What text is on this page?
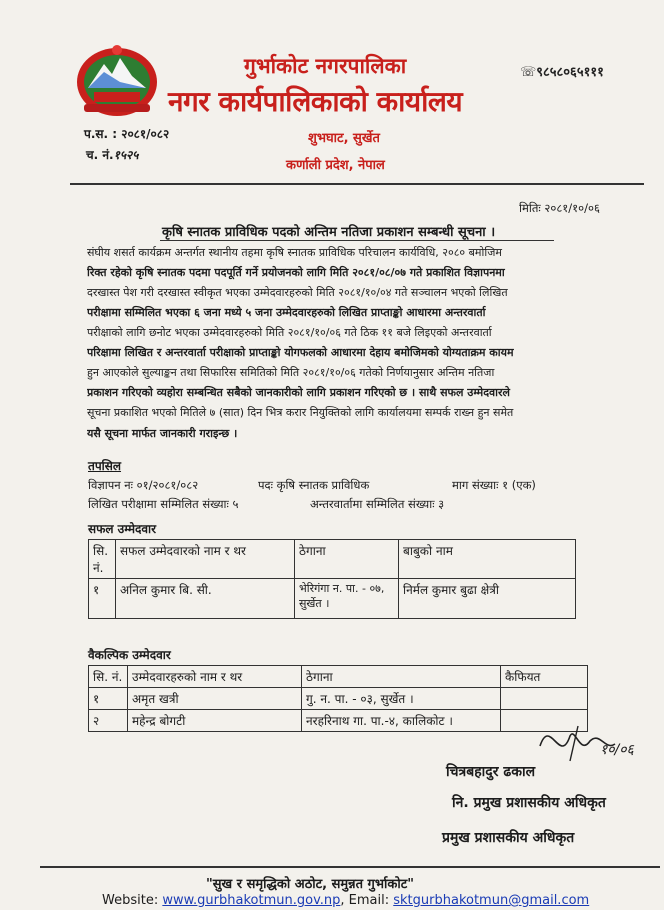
गुर्भाकोट नगरपालिका
नगर कार्यपालिकाको कार्यालय
शुभघाट, सुर्खेत
कर्णाली प्रदेश, नेपाल
☏९८५८०६५१११
प.स. : २०८१/०८२
च. नं.१५२५
मितिः २०८१/१०/०६
कृषि स्नातक प्राविधिक पदको अन्तिम नतिजा प्रकाशन सम्बन्धी सूचना ।
संघीय शसर्त कार्यक्रम अन्तर्गत स्थानीय तहमा कृषि स्नातक प्राविधिक परिचालन कार्यविधि, २०८० बमोजिम
रिक्त रहेको कृषि स्नातक पदमा पदपूर्ति गर्ने प्रयोजनको लागि मिति २०८१/०८/०७ गते प्रकाशित विज्ञापनमा
दरखास्त पेश गरी दरखास्त स्वीकृत भएका उम्मेदवारहरुको मिति २०८१/१०/०४ गते सञ्चालन भएको लिखित
परीक्षामा सम्मिलित भएका ६ जना मध्ये ५ जना उम्मेदवारहरुको लिखित प्राप्ताङ्को आधारमा अन्तरवार्ता
परीक्षाको लागि छनोट भएका उम्मेदवारहरुको मिति २०८१/१०/०६ गते ठिक ११ बजे लिइएको अन्तरवार्ता
परिक्षामा लिखित र अन्तरवार्ता परीक्षाको प्राप्ताङ्को योगफलको आधारमा देहाय बमोजिमको योग्यताक्रम कायम
हुन आएकोले सुल्याङ्कन तथा सिफारिस समितिको मिति २०८१/१०/०६ गतेको निर्णयानुसार अन्तिम नतिजा
प्रकाशन गरिएको व्यहोरा सम्बन्धित सबैको जानकारीको लागि प्रकाशन गरिएको छ । साथै सफल उम्मेदवारले
सूचना प्रकाशित भएको मितिले ७ (सात) दिन भित्र करार नियुक्तिको लागि कार्यालयमा सम्पर्क राख्न हुन समेत
यसै सूचना मार्फत जानकारी गराइन्छ ।
तपसिल
विज्ञापन नः ०१/२०८१/०८२	पदः कृषि स्नातक प्राविधिक	माग संख्याः १ (एक)
लिखित परीक्षामा सम्मिलित संख्याः ५	अन्तरवार्तामा सम्मिलित संख्याः ३
सफल उम्मेदवार
सि. नं.	सफल उम्मेदवारको नाम र थर	ठेगाना	बाबुको नाम
१	अनिल कुमार बि. सी.	भेरिगंगा न. पा. - ०७, सुर्खेत ।	निर्मल कुमार बुढा क्षेत्री
वैकल्पिक उम्मेदवार
सि. नं.	उम्मेदवारहरुको नाम र थर	ठेगाना	कैफियत
१	अमृत खत्री	गु. न. पा. - ०३, सुर्खेत ।	
२	महेन्द्र बोगटी	नरहरिनाथ गा. पा.-४, कालिकोट ।	
१०/०६
चित्रबहादुर ढकाल
नि. प्रमुख प्रशासकीय अधिकृत
प्रमुख प्रशासकीय अधिकृत
"सुख र समृद्धिको अठोट, समुन्नत गुर्भाकोट"
Website: www.gurbhakotmun.gov.np, Email: sktgurbhakotmun@gmail.com
